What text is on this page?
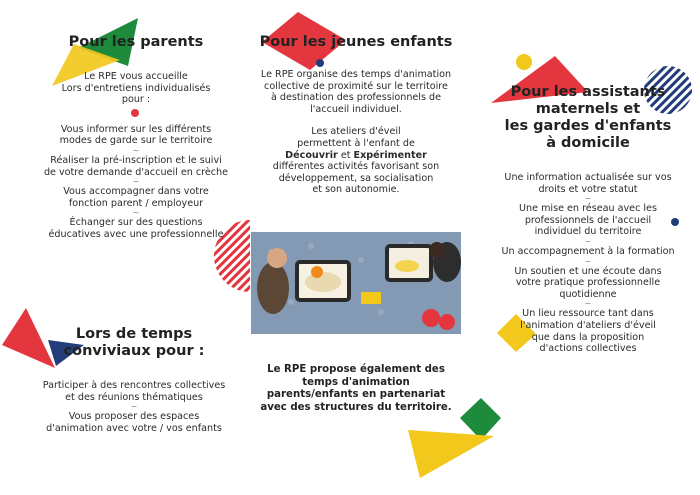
Pour les parents
Le RPE vous accueille
Lors d'entretiens individualisés
pour :
Vous informer sur les différents
modes de garde sur le territoire
~
Réaliser la pré-inscription et le suivi
de votre demande d'accueil en crèche
~
Vous accompagner dans votre
fonction parent / employeur
~
Échanger sur des questions
éducatives avec une professionnelle
Pour les jeunes enfants
Le RPE organise des temps d'animation
collective de proximité sur le territoire
à destination des professionnels de
l'accueil individuel.
Les ateliers d'éveil
permettent à l'enfant de
Découvrir et Expérimenter
différentes activités favorisant son
développement, sa socialisation
et son autonomie.
Pour les assistants
maternels et
les gardes d'enfants
à domicile
Une information actualisée sur vos
droits et votre statut
~
Une mise en réseau avec les
professionnels de l'accueil
individuel du territoire
~
Un accompagnement à la formation
~
Un soutien et une écoute dans
votre pratique professionnelle
quotidienne
~
Un lieu ressource tant dans
l'animation d'ateliers d'éveil
que dans la proposition
d'actions collectives
Lors de temps
conviviaux pour :
Participer à des rencontres collectives
et des réunions thématiques
~
Vous proposer des espaces
d'animation avec votre / vos enfants
Le RPE propose également des
temps d'animation
parents/enfants en partenariat
avec des structures du territoire.
